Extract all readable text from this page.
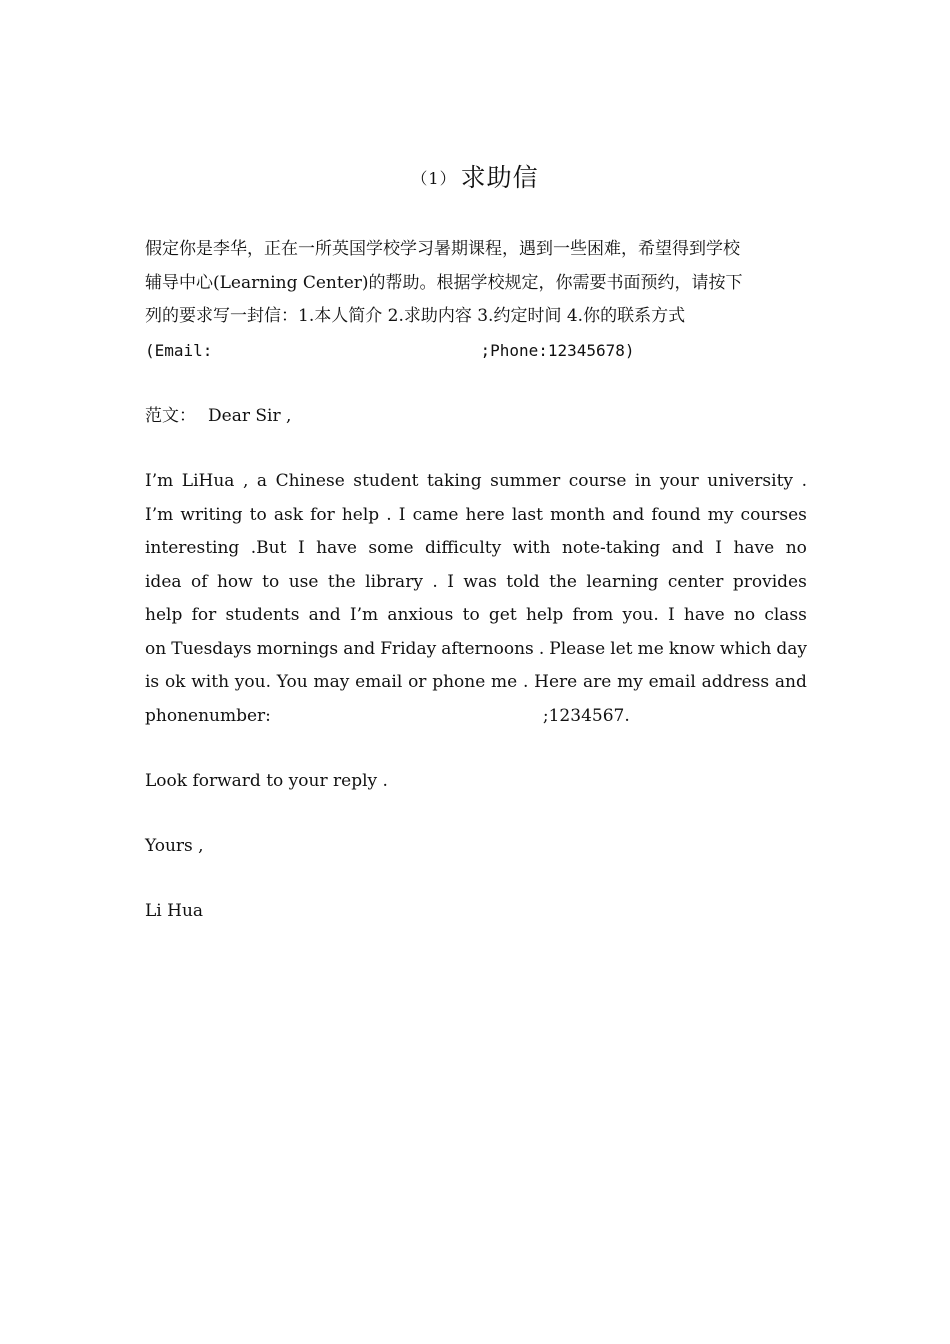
（1） 求助信
假定你是李华，正在一所英国学校学习暑期课程，遇到一些困难，希望得到学校
辅导中心(Learning Center)的帮助。根据学校规定，你需要书面预约，请按下
列的要求写一封信：1.本人简介 2.求助内容 3.约定时间 4.你的联系方式
(Email:	;Phone:12345678)
范文： Dear Sir ,
I’m LiHua , a Chinese student taking summer course in your university .
I’m writing to ask for help . I came here last month and found my courses
interesting .But I have some difficulty with note-taking and I have no
idea of how to use the library . I was told the learning center provides
help for students and I’m anxious to get help from you. I have no class
on Tuesdays mornings and Friday afternoons . Please let me know which day
is ok with you. You may email or phone me . Here are my email address and
phonenumber:	;1234567.
Look forward to your reply .
Yours ,
Li Hua
